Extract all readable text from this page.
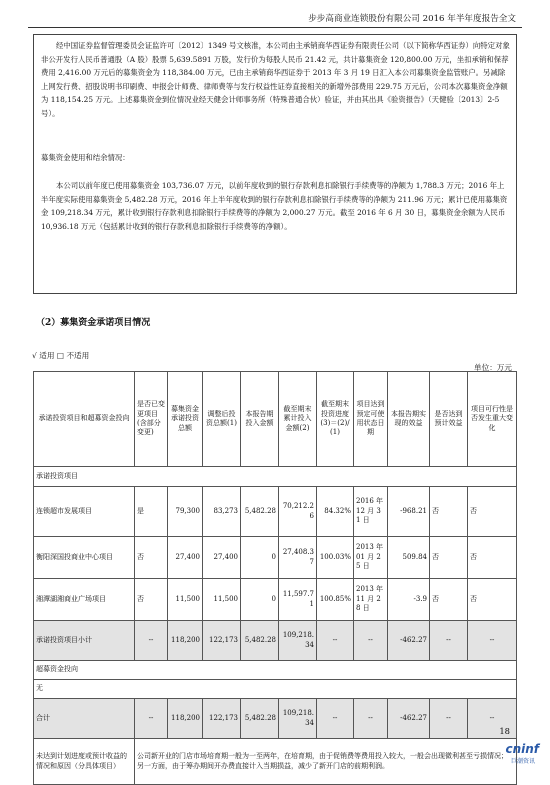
步步高商业连锁股份有限公司 2016 年半年度报告全文

经中国证券监督管理委员会证监许可〔2012〕1349 号文核准，本公司由主承销商华西证券有限责任公司（以下简称华西证券）向特定对象非公开发行人民币普通股（A 股）股票 5,639.5891 万股，发行价为每股人民币 21.42 元，共计募集资金 120,800.00 万元，坐扣承销和保荐费用 2,416.00 万元后的募集资金为 118,384.00 万元，已由主承销商华西证券于 2013 年 3 月 19 日汇入本公司募集资金监管账户。另减除上网发行费、招股说明书印刷费、申报会计师费、律师费等与发行权益性证券直接相关的新增外部费用 229.75 万元后，公司本次募集资金净额为 118,154.25 万元。上述募集资金到位情况业经天健会计师事务所（特殊普通合伙）验证，并由其出具《验资报告》（天健验〔2013〕2-5 号）。

募集资金使用和结余情况：

本公司以前年度已使用募集资金 103,736.07 万元，以前年度收到的银行存款利息扣除银行手续费等的净额为 1,788.3 万元；2016 年上半年度实际使用募集资金 5,482.28 万元，2016 年上半年度收到的银行存款利息扣除银行手续费等的净额为 211.96 万元；累计已使用募集资金 109,218.34 万元，累计收到银行存款利息扣除银行手续费等的净额为 2,000.27 万元。截至 2016 年 6 月 30 日，募集资金余额为人民币 10,936.18 万元（包括累计收到的银行存款利息扣除银行手续费等的净额）。

（2）募集资金承诺项目情况
√ 适用 □ 不适用
单位：万元
承诺投资项目和超募资金投向	是否已变更项目(含部分变更)	募集资金承诺投资总额	调整后投资总额(1)	本报告期投入金额	截至期末累计投入金额(2)	截至期末投资进度(3)＝(2)/(1)	项目达到预定可使用状态日期	本报告期实现的效益	是否达到预计效益	项目可行性是否发生重大变化
承诺投资项目										
连锁超市发展项目	是	79,300	83,273	5,482.28	70,212.26	84.32%	2016 年 12 月 31 日	-968.21	否	否
衡阳深国投商业中心项目	否	27,400	27,400	0	27,408.37	100.03%	2013 年 01 月 25 日	509.84	否	否
湘潭湖湘商业广场项目	否	11,500	11,500	0	11,597.71	100.85%	2013 年 11 月 28 日	-3.9	否	否
承诺投资项目小计	--	118,200	122,173	5,482.28	109,218.34	--	--	-462.27	--	--
超募资金投向										
无										
合计	--	118,200	122,173	5,482.28	109,218.34	--	--	-462.27	--	--
未达到计划进度或预计收益的情况和原因（分具体项目）	公司新开业的门店市场培育期一般为一至两年，在培育期，由于促销费等费用投入较大，一般会出现微利甚至亏损情况；另一方面，由于筹办期间开办费直接计入当期损益，减少了新开门店的前期利润。									
18
cninf
巨潮资讯
